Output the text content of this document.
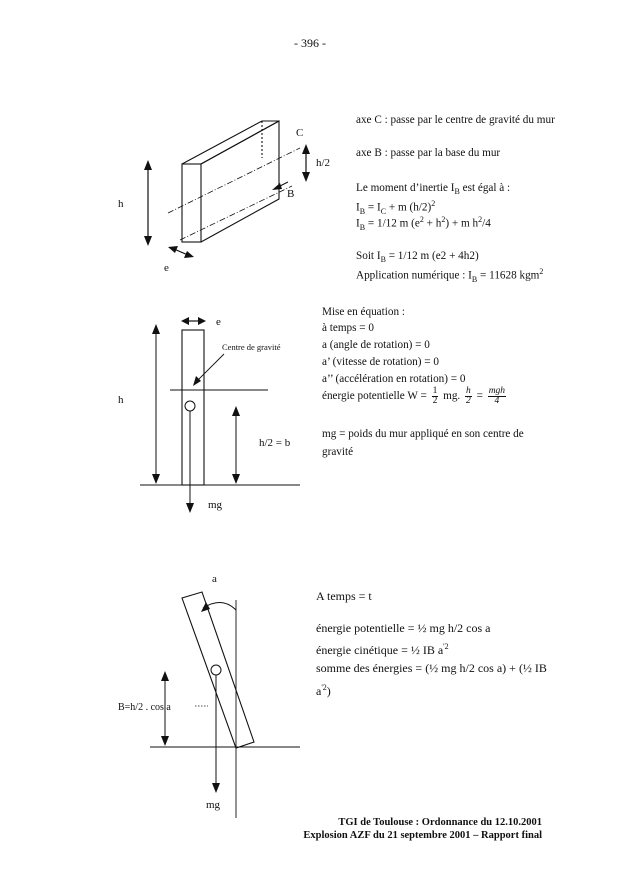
- 396 -
C
h/2
B
h
e
axe C : passe par le centre de gravité du mur
axe B : passe par la base du mur
Le moment d’inertie $I_B$ est égal à :
$I_B = I_C + m$ $(h/2)^2$
$I_B = 1/12$ m $(e^2 + h^2) + m$ $h^2/4$
Soit $I_B = 1/12$ m (e2 + 4h2)
Application numérique : $I_B = 11628$ kgm$^2$
e
Centre de gravité
h
h/2 = b
mg
Mise en équation :
à temps = 0
a (angle de rotation) = 0
a’ (vitesse de rotation) = 0
a’’ (accélération en rotation) = 0
énergie potentielle $W = \frac{1}{2}$ mg. $\frac{h}{2} = \frac{\text{mgh}}{4}$
mg = poids du mur appliqué en son centre de gravité
a
B=h/2 . cos a
mg
A temps = t
énergie potentielle = ½ mg h/2 cos a
énergie cinétique = ½ IB $a^{'2}$
somme des énergies = (½ mg h/2 cos a) + (½ IB $a^{'2}$)
TGI de Toulouse : Ordonnance du 12.10.2001
Explosion AZF du 21 septembre 2001 – Rapport final
